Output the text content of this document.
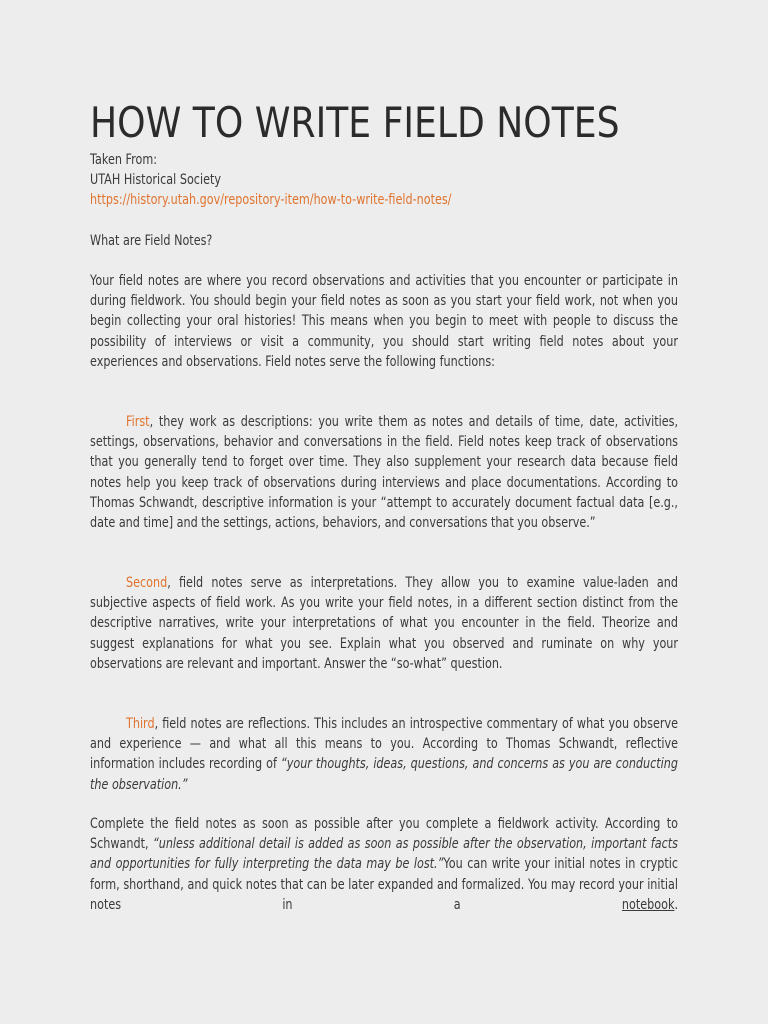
HOW TO WRITE FIELD NOTES
Taken From:
UTAH Historical Society
https://history.utah.gov/repository-item/how-to-write-field-notes/
What are Field Notes?

Your field notes are where you record observations and activities that you encounter or participate in during fieldwork. You should begin your field notes as soon as you start your field work, not when you begin collecting your oral histories! This means when you begin to meet with people to discuss the possibility of interviews or visit a community, you should start writing field notes about your experiences and observations. Field notes serve the following functions:

First, they work as descriptions: you write them as notes and details of time, date, activities, settings, observations, behavior and conversations in the field. Field notes keep track of observations that you generally tend to forget over time. They also supplement your research data because field notes help you keep track of observations during interviews and place documentations. According to Thomas Schwandt, descriptive information is your “attempt to accurately document factual data [e.g., date and time] and the settings, actions, behaviors, and conversations that you observe.”

Second, field notes serve as interpretations. They allow you to examine value-laden and subjective aspects of field work. As you write your field notes, in a different section distinct from the descriptive narratives, write your interpretations of what you encounter in the field. Theorize and suggest explanations for what you see. Explain what you observed and ruminate on why your observations are relevant and important. Answer the “so-what” question.

Third, field notes are reflections. This includes an introspective commentary of what you observe and experience — and what all this means to you. According to Thomas Schwandt, reflective information includes recording of “your thoughts, ideas, questions, and concerns as you are conducting the observation.”

Complete the field notes as soon as possible after you complete a fieldwork activity. According to Schwandt, “unless additional detail is added as soon as possible after the observation, important facts and opportunities for fully interpreting the data may be lost.”You can write your initial notes in cryptic form, shorthand, and quick notes that can be later expanded and formalized. You may record your initial notes in a notebook.
